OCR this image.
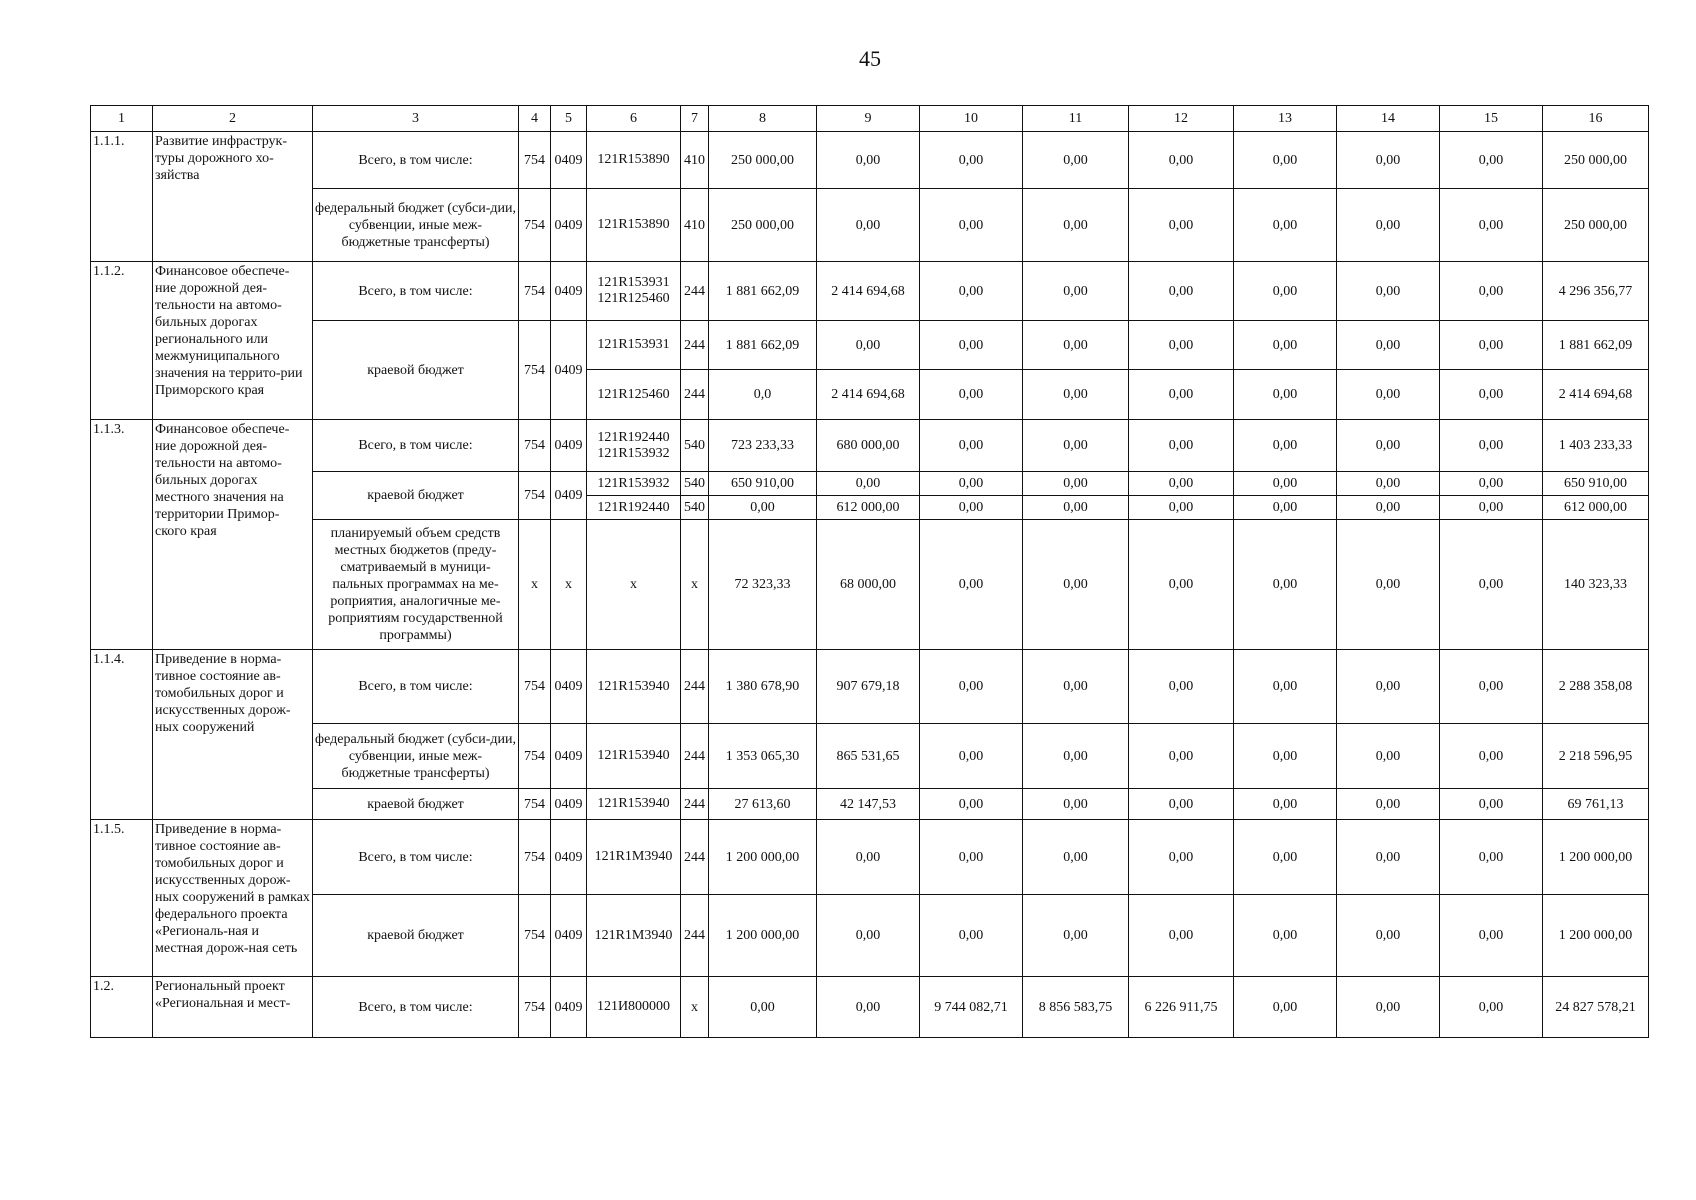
45
1	2	3	4	5	6	7	8	9	10	11	12	13	14	15	16
1.1.1.	Развитие инфраструк-туры дорожного хо-зяйства	Всего, в том числе:	754	0409	121R153890	410	250 000,00	0,00	0,00	0,00	0,00	0,00	0,00	0,00	250 000,00
		федеральный бюджет (субси-дии, субвенции, иные меж-бюджетные трансферты)	754	0409	121R153890	410	250 000,00	0,00	0,00	0,00	0,00	0,00	0,00	0,00	250 000,00
1.1.2.	Финансовое обеспече-ние дорожной дея-тельности на автомо-бильных дорогах регионального или межмуниципального значения на террито-рии Приморского края	Всего, в том числе:	754	0409	121R153931 121R125460	244	1 881 662,09	2 414 694,68	0,00	0,00	0,00	0,00	0,00	0,00	4 296 356,77
		краевой бюджет	754	0409	121R153931	244	1 881 662,09	0,00	0,00	0,00	0,00	0,00	0,00	0,00	1 881 662,09
					121R125460	244	0,0	2 414 694,68	0,00	0,00	0,00	0,00	0,00	0,00	2 414 694,68
1.1.3.	Финансовое обеспече-ние дорожной дея-тельности на автомо-бильных дорогах местного значения на территории Примор-ского края	Всего, в том числе:	754	0409	121R192440 121R153932	540	723 233,33	680 000,00	0,00	0,00	0,00	0,00	0,00	0,00	1 403 233,33
		краевой бюджет	754	0409	121R153932	540	650 910,00	0,00	0,00	0,00	0,00	0,00	0,00	0,00	650 910,00
					121R192440	540	0,00	612 000,00	0,00	0,00	0,00	0,00	0,00	0,00	612 000,00
		планируемый объем средств местных бюджетов (преду-сматриваемый в муници-пальных программах на ме-роприятия, аналогичные ме-роприятиям государственной программы)	x	x	x	x	72 323,33	68 000,00	0,00	0,00	0,00	0,00	0,00	0,00	140 323,33
1.1.4.	Приведение в норма-тивное состояние ав-томобильных дорог и искусственных дорож-ных сооружений	Всего, в том числе:	754	0409	121R153940	244	1 380 678,90	907 679,18	0,00	0,00	0,00	0,00	0,00	0,00	2 288 358,08
		федеральный бюджет (субси-дии, субвенции, иные меж-бюджетные трансферты)	754	0409	121R153940	244	1 353 065,30	865 531,65	0,00	0,00	0,00	0,00	0,00	0,00	2 218 596,95
		краевой бюджет	754	0409	121R153940	244	27 613,60	42 147,53	0,00	0,00	0,00	0,00	0,00	0,00	69 761,13
1.1.5.	Приведение в норма-тивное состояние ав-томобильных дорог и искусственных дорож-ных сооружений в рамках федерального проекта «Региональ-ная и местная дорож-ная сеть	Всего, в том числе:	754	0409	121R1M3940	244	1 200 000,00	0,00	0,00	0,00	0,00	0,00	0,00	0,00	1 200 000,00
		краевой бюджет	754	0409	121R1M3940	244	1 200 000,00	0,00	0,00	0,00	0,00	0,00	0,00	0,00	1 200 000,00
1.2.	Региональный проект «Региональная и мест-	Всего, в том числе:	754	0409	121И800000	x	0,00	0,00	9 744 082,71	8 856 583,75	6 226 911,75	0,00	0,00	0,00	24 827 578,21
